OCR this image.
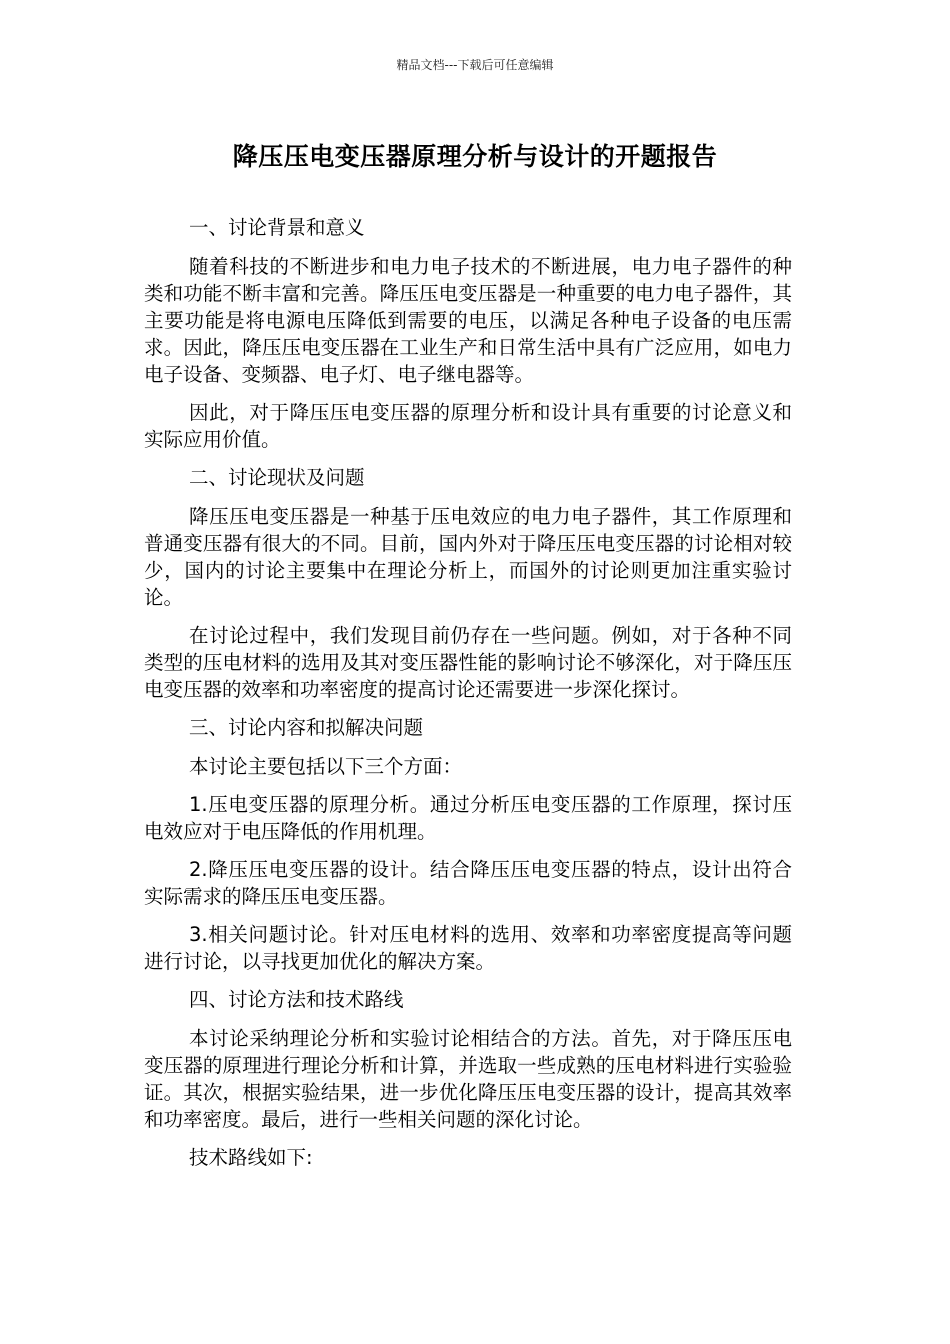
精品文档---下载后可任意编辑
降压压电变压器原理分析与设计的开题报告

一、讨论背景和意义

随着科技的不断进步和电力电子技术的不断进展，电力电子器件的种类和功能不断丰富和完善。降压压电变压器是一种重要的电力电子器件，其主要功能是将电源电压降低到需要的电压，以满足各种电子设备的电压需求。因此，降压压电变压器在工业生产和日常生活中具有广泛应用，如电力电子设备、变频器、电子灯、电子继电器等。

因此，对于降压压电变压器的原理分析和设计具有重要的讨论意义和实际应用价值。

二、讨论现状及问题

降压压电变压器是一种基于压电效应的电力电子器件，其工作原理和普通变压器有很大的不同。目前，国内外对于降压压电变压器的讨论相对较少，国内的讨论主要集中在理论分析上，而国外的讨论则更加注重实验讨论。

在讨论过程中，我们发现目前仍存在一些问题。例如，对于各种不同类型的压电材料的选用及其对变压器性能的影响讨论不够深化，对于降压压电变压器的效率和功率密度的提高讨论还需要进一步深化探讨。

三、讨论内容和拟解决问题

本讨论主要包括以下三个方面：

1.压电变压器的原理分析。通过分析压电变压器的工作原理，探讨压电效应对于电压降低的作用机理。

2.降压压电变压器的设计。结合降压压电变压器的特点，设计出符合实际需求的降压压电变压器。

3.相关问题讨论。针对压电材料的选用、效率和功率密度提高等问题进行讨论，以寻找更加优化的解决方案。

四、讨论方法和技术路线

本讨论采纳理论分析和实验讨论相结合的方法。首先，对于降压压电变压器的原理进行理论分析和计算，并选取一些成熟的压电材料进行实验验证。其次，根据实验结果，进一步优化降压压电变压器的设计，提高其效率和功率密度。最后，进行一些相关问题的深化讨论。

技术路线如下:
